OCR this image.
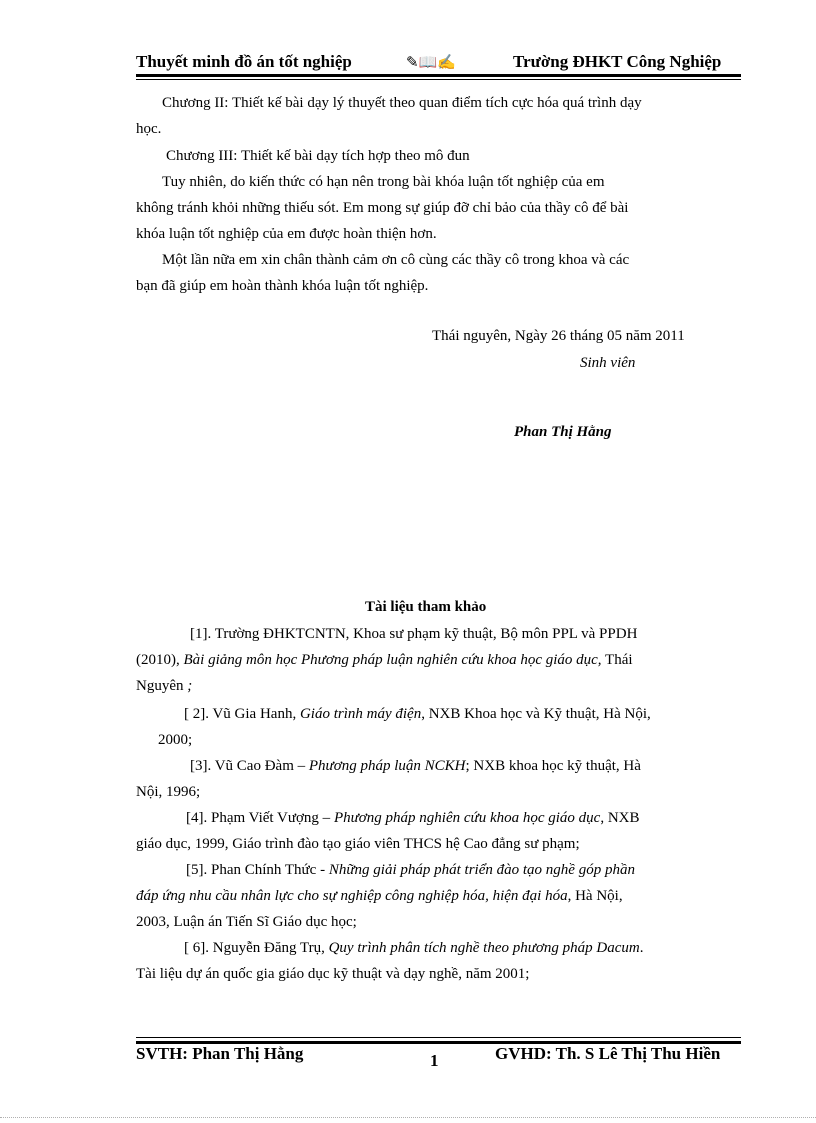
Thuyết minh đồ án tốt nghiệp	✎📖✍	Trường ĐHKT Công Nghiệp
Chương II: Thiết kế bài dạy lý thuyết theo quan điểm tích cực hóa quá trình dạy
học.
Chương III: Thiết kế bài dạy tích hợp theo mô đun
Tuy nhiên, do kiến thức có hạn nên trong bài khóa luận tốt nghiệp của em
không tránh khỏi những thiếu sót. Em mong sự giúp đỡ chỉ bảo của thầy cô để bài
khóa luận tốt nghiệp của em được hoàn thiện hơn.
Một lần nữa em xin chân thành cảm ơn cô cùng các thầy cô trong khoa và các
bạn đã giúp em hoàn thành khóa luận tốt nghiệp.
Thái nguyên, Ngày 26 tháng 05 năm 2011
Sinh viên
Phan Thị Hằng
Tài liệu tham khảo
[1]. Trường ĐHKTCNTN, Khoa sư phạm kỹ thuật, Bộ môn PPL và PPDH
(2010), Bài giảng môn học Phương pháp luận nghiên cứu khoa học giáo dục, Thái
Nguyên ;
[ 2]. Vũ Gia Hanh, Giáo trình máy điện, NXB Khoa học và Kỹ thuật, Hà Nội,
2000;
[3]. Vũ Cao Đàm – Phương pháp luận NCKH; NXB khoa học kỹ thuật, Hà
Nội, 1996;
[4]. Phạm Viết Vượng – Phương pháp nghiên cứu khoa học giáo dục, NXB
giáo dục, 1999, Giáo trình đào tạo giáo viên THCS hệ Cao đẳng sư phạm;
[5]. Phan Chính Thức - Những giải pháp phát triển đào tạo nghề góp phần
đáp ứng nhu cầu nhân lực cho sự nghiệp công nghiệp hóa, hiện đại hóa, Hà Nội,
2003, Luận án Tiến Sĩ Giáo dục học;
[ 6]. Nguyễn Đăng Trụ, Quy trình phân tích nghề theo phương pháp Dacum.
Tài liệu dự án quốc gia giáo dục kỹ thuật và dạy nghề, năm 2001;
SVTH: Phan Thị Hằng	1	GVHD: Th. S Lê Thị Thu Hiền
